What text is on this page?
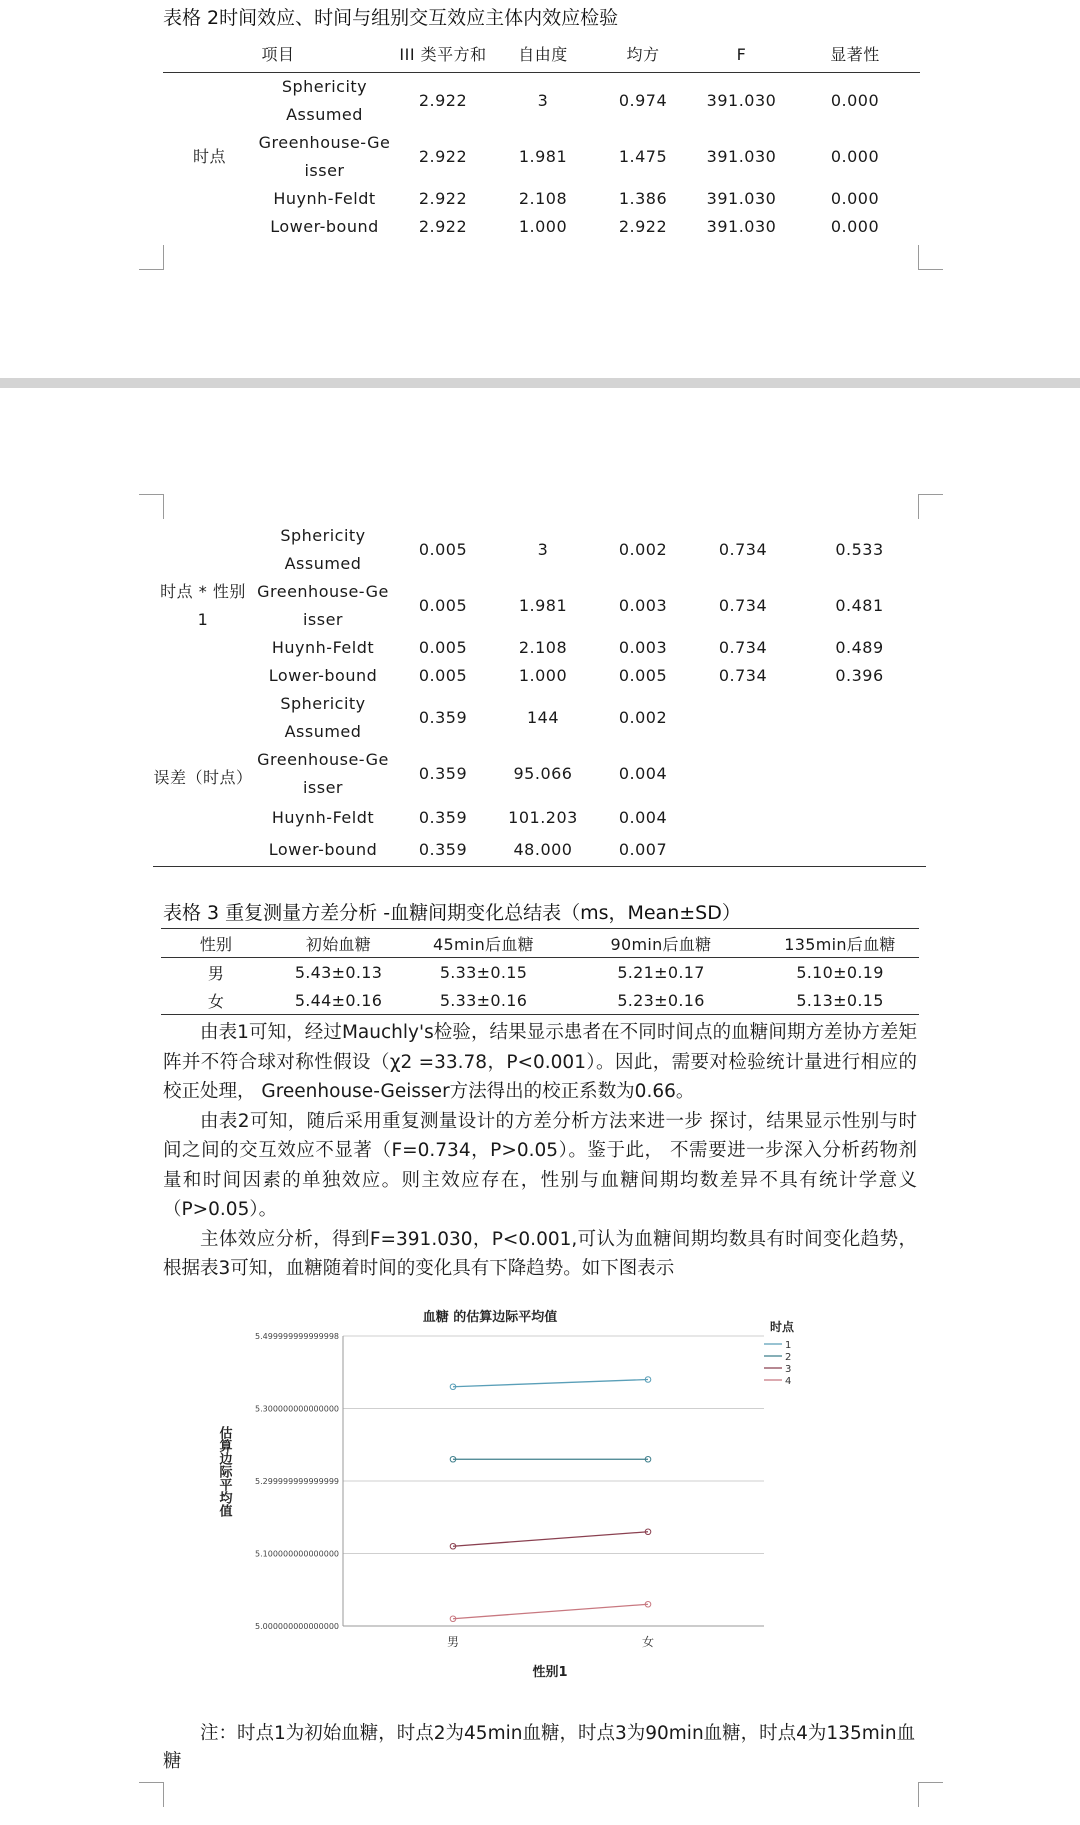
表格 2时间效应、时间与组别交互效应主体内效应检验
项目		III 类平方和	自由度	均方	F	显著性
时点	Sphericity Assumed	2.922	3	0.974	391.030	0.000
	Greenhouse-Geisser	2.922	1.981	1.475	391.030	0.000
	Huynh-Feldt	2.922	2.108	1.386	391.030	0.000
	Lower-bound	2.922	1.000	2.922	391.030	0.000
时点 * 性别1	Sphericity Assumed	0.005	3	0.002	0.734	0.533
	Greenhouse-Geisser	0.005	1.981	0.003	0.734	0.481
	Huynh-Feldt	0.005	2.108	0.003	0.734	0.489
	Lower-bound	0.005	1.000	0.005	0.734	0.396
误差（时点）	Sphericity Assumed	0.359	144	0.002		
	Greenhouse-Geisser	0.359	95.066	0.004		
	Huynh-Feldt	0.359	101.203	0.004		
	Lower-bound	0.359	48.000	0.007		
表格 3 重复测量方差分析 -血糖间期变化总结表（ms，Mean±SD）
性别	初始血糖	45min后血糖	90min后血糖	135min后血糖
男	5.43±0.13	5.33±0.15	5.21±0.17	5.10±0.19
女	5.44±0.16	5.33±0.16	5.23±0.16	5.13±0.15

由表1可知，经过Mauchly's检验，结果显示患者在不同时间点的血糖间期方差协方差矩阵并不符合球对称性假设（χ2 =33.78，P<0.001）。因此，需要对检验统计量进行相应的校正处理， Greenhouse-Geisser方法得出的校正系数为0.66。

由表2可知，随后采用重复测量设计的方差分析方法来进一步 探讨，结果显示性别与时间之间的交互效应不显著（F=0.734，P>0.05）。鉴于此， 不需要进一步深入分析药物剂量和时间因素的单独效应。则主效应存在，性别与血糖间期均数差异不具有统计学意义（P>0.05）。

主体效应分析，得到F=391.030，P<0.001,可认为血糖间期均数具有时间变化趋势，根据表3可知，血糖随着时间的变化具有下降趋势。如下图表示

血糖 的估算边际平均值
5.499999999999998
5.300000000000000
5.299999999999999
5.100000000000000
5.000000000000000
男	女
时点
1
2
3
4
估算边际平均值
性别1

注：时点1为初始血糖，时点2为45min血糖，时点3为90min血糖，时点4为135min血糖
